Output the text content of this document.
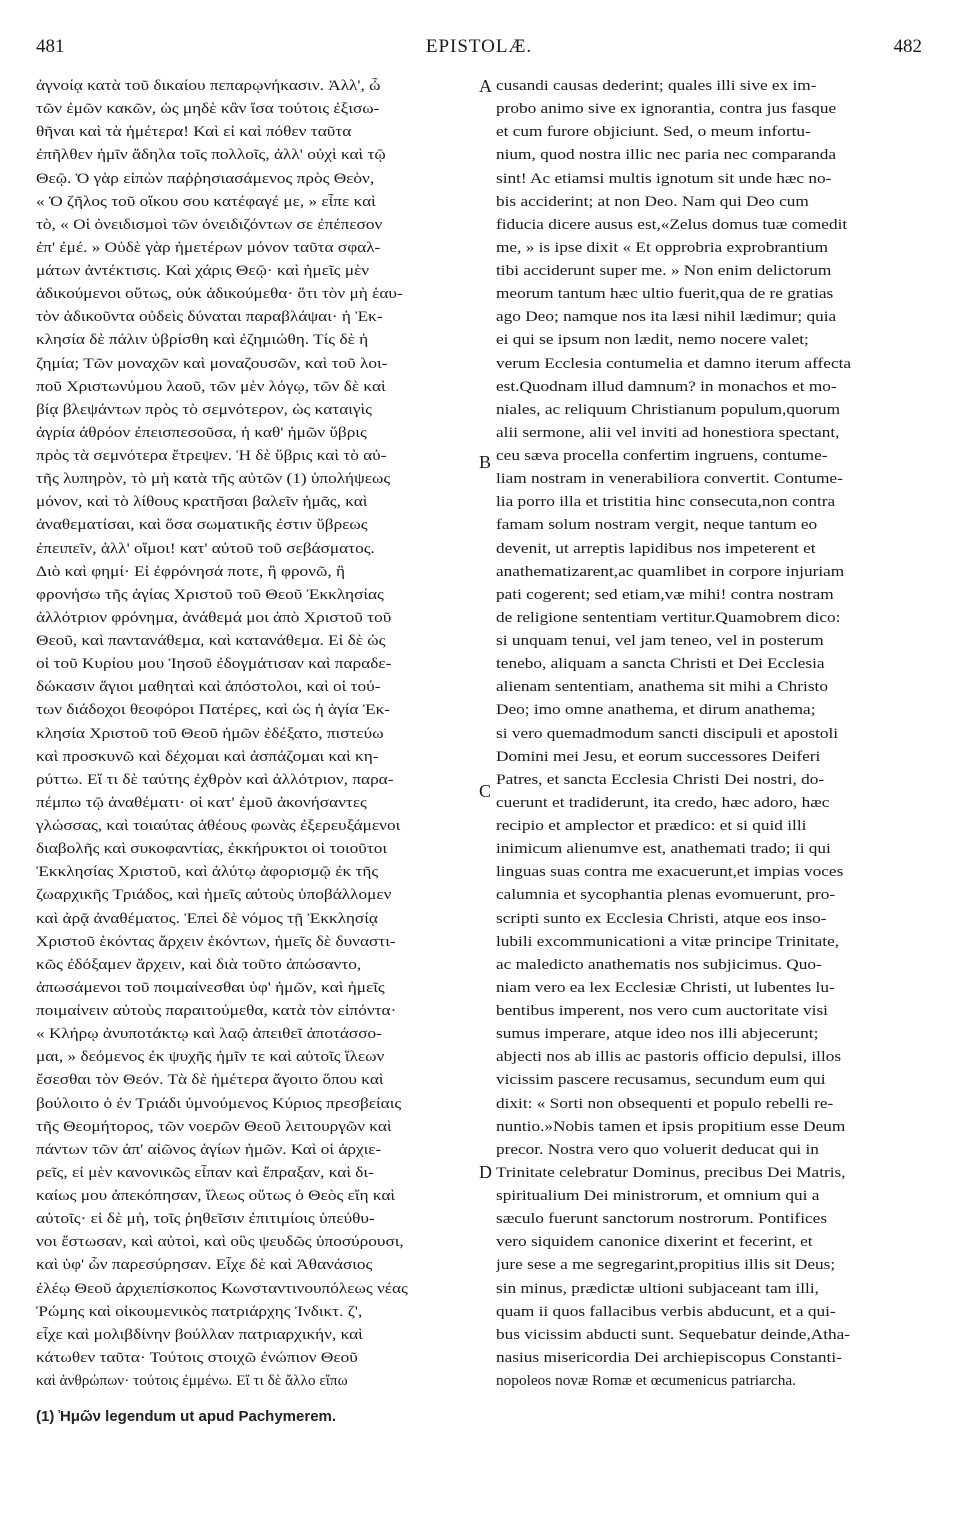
481	EPISTOLÆ.	482
ἀγνοίᾳ κατὰ τοῦ δικαίου πεπαρῳνήκασιν. Ἀλλ', ὦ
τῶν ἐμῶν κακῶν, ὡς μηδὲ κἂν ἴσα τούτοις ἐξισω-
θῆναι καὶ τὰ ἡμέτερα! Καὶ εἰ καὶ πόθεν ταῦτα
ἐπῆλθεν ἡμῖν ἄδηλα τοῖς πολλοῖς, ἀλλ' οὐχὶ καὶ τῷ
Θεῷ. Ὁ γὰρ εἰπὼν παῤῥησιασάμενος πρὸς Θεὸν,
« Ὁ ζῆλος τοῦ οἴκου σου κατέφαγέ με, » εἶπε καὶ
τὸ, « Οἱ ὀνειδισμοὶ τῶν ὀνειδιζόντων σε ἐπέπεσον
ἐπ' ἐμέ. » Οὐδὲ γὰρ ἡμετέρων μόνον ταῦτα σφαλ-
μάτων ἀντέκτισις. Καὶ χάρις Θεῷ· καὶ ἡμεῖς μὲν
ἀδικούμενοι οὕτως, οὐκ ἀδικούμεθα· ὅτι τὸν μὴ ἑαυ-
τὸν ἀδικοῦντα οὐδεὶς δύναται παραβλάψαι· ἡ Ἐκ-
κλησία δὲ πάλιν ὑβρίσθη καὶ ἐζημιώθη. Τίς δὲ ἡ
ζημία; Τῶν μοναχῶν καὶ μοναζουσῶν, καὶ τοῦ λοι-
ποῦ Χριστωνύμου λαοῦ, τῶν μὲν λόγῳ, τῶν δὲ καὶ
βίᾳ βλεψάντων πρὸς τὸ σεμνότερον, ὡς καταιγὶς
ἀγρία ἀθρόον ἐπεισπεσοῦσα, ἡ καθ' ἡμῶν ὕβρις
πρὸς τὰ σεμνότερα ἔτρεψεν. Ἡ δὲ ὕβρις καὶ τὸ αὐ-
τῆς λυπηρὸν, τὸ μὴ κατὰ τῆς αὐτῶν (1) ὑπολήψεως
μόνον, καὶ τὸ λίθους κρατῆσαι βαλεῖν ἡμᾶς, καὶ
ἀναθεματίσαι, καὶ ὅσα σωματικῆς ἐστιν ὕβρεως
ἐπειπεῖν, ἀλλ' οἴμοι! κατ' αὐτοῦ τοῦ σεβάσματος.
Διὸ καὶ φημί· Εἰ ἐφρόνησά ποτε, ἢ φρονῶ, ἢ
φρονήσω τῆς ἁγίας Χριστοῦ τοῦ Θεοῦ Ἐκκλησίας
ἀλλότριον φρόνημα, ἀνάθεμά μοι ἀπὸ Χριστοῦ τοῦ
Θεοῦ, καὶ παντανάθεμα, καὶ κατανάθεμα. Εἰ δὲ ὡς
οἱ τοῦ Κυρίου μου Ἰησοῦ ἐδογμάτισαν καὶ παραδε-
δώκασιν ἅγιοι μαθηταὶ καὶ ἀπόστολοι, καὶ οἱ τού-
των διάδοχοι θεοφόροι Πατέρες, καὶ ὡς ἡ ἁγία Ἐκ-
κλησία Χριστοῦ τοῦ Θεοῦ ἡμῶν ἐδέξατο, πιστεύω
καὶ προσκυνῶ καὶ δέχομαι καὶ ἀσπάζομαι καὶ κη-
ρύττω. Εἴ τι δὲ ταύτης ἐχθρὸν καὶ ἀλλότριον, παρα-
πέμπω τῷ ἀναθέματι· οἱ κατ' ἐμοῦ ἀκονήσαντες
γλώσσας, καὶ τοιαύτας ἀθέους φωνὰς ἐξερευξάμενοι
διαβολῆς καὶ συκοφαντίας, ἐκκήρυκτοι οἱ τοιοῦτοι
Ἐκκλησίας Χριστοῦ, καὶ ἀλύτῳ ἀφορισμῷ ἐκ τῆς
ζωαρχικῆς Τριάδος, καὶ ἡμεῖς αὐτοὺς ὑποβάλλομεν
καὶ ἀρᾷ ἀναθέματος. Ἐπεὶ δὲ νόμος τῇ Ἐκκλησίᾳ
Χριστοῦ ἑκόντας ἄρχειν ἑκόντων, ἡμεῖς δὲ δυναστι-
κῶς ἐδόξαμεν ἄρχειν, καὶ διὰ τοῦτο ἀπώσαντο,
ἀπωσάμενοι τοῦ ποιμαίνεσθαι ὑφ' ἡμῶν, καὶ ἡμεῖς
ποιμαίνειν αὐτοὺς παραιτούμεθα, κατὰ τὸν εἰπόντα·
« Κλήρῳ ἀνυποτάκτῳ καὶ λαῷ ἀπειθεῖ ἀποτάσσο-
μαι, » δεόμενος ἐκ ψυχῆς ἡμῖν τε καὶ αὐτοῖς ἵλεων
ἔσεσθαι τὸν Θεόν. Τὰ δὲ ἡμέτερα ἄγοιτο ὅπου καὶ
βούλοιτο ὁ ἐν Τριάδι ὑμνούμενος Κύριος πρεσβείαις
τῆς Θεομήτορος, τῶν νοερῶν Θεοῦ λειτουργῶν καὶ
πάντων τῶν ἀπ' αἰῶνος ἁγίων ἡμῶν. Καὶ οἱ ἀρχιε-
ρεῖς, εἰ μὲν κανονικῶς εἶπαν καὶ ἔπραξαν, καὶ δι-
καίως μου ἀπεκόπησαν, ἵλεως οὕτως ὁ Θεὸς εἴη καὶ
αὐτοῖς· εἰ δὲ μὴ, τοῖς ῥηθεῖσιν ἐπιτιμίοις ὑπεύθυ-
νοι ἔστωσαν, καὶ αὐτοὶ, καὶ οὓς ψευδῶς ὑποσύρουσι,
καὶ ὑφ' ὧν παρεσύρησαν. Εἶχε δὲ καὶ Ἀθανάσιος
ἐλέῳ Θεοῦ ἀρχιεπίσκοπος Κωνσταντινουπόλεως νέας
Ῥώμης καὶ οἰκουμενικὸς πατριάρχης Ἰνδικτ. ζ',
εἶχε καὶ μολιβδίνην βούλλαν πατριαρχικήν, καὶ
κάτωθεν ταῦτα· Τούτοις στοιχῶ ἐνώπιον Θεοῦ
καὶ ἀνθρώπων· τούτοις ἐμμένω. Εἴ τι δὲ ἄλλο εἴπω
cusandi causas dederint; quales illi sive ex im-
probo animo sive ex ignorantia, contra jus fasque
et cum furore objiciunt. Sed, o meum infortu-
nium, quod nostra illic nec paria nec comparanda
sint! Ac etiamsi multis ignotum sit unde hæc no-
bis acciderint; at non Deo. Nam qui Deo cum
fiducia dicere ausus est,«Zelus domus tuæ comedit
me, » is ipse dixit « Et opprobria exprobrantium
tibi acciderunt super me. » Non enim delictorum
meorum tantum hæc ultio fuerit,qua de re gratias
ago Deo; namque nos ita læsi nihil lædimur; quia
ei qui se ipsum non lædit, nemo nocere valet;
verum Ecclesia contumelia et damno iterum affecta
est.Quodnam illud damnum? in monachos et mo-
niales, ac reliquum Christianum populum,quorum
alii sermone, alii vel inviti ad honestiora spectant,
ceu sæva procella confertim ingruens, contume-
liam nostram in venerabiliora convertit. Contume-
lia porro illa et tristitia hinc consecuta,non contra
famam solum nostram vergit, neque tantum eo
devenit, ut arreptis lapidibus nos impeterent et
anathematizarent,ac quamlibet in corpore injuriam
pati cogerent; sed etiam,væ mihi! contra nostram
de religione sententiam vertitur.Quamobrem dico:
si unquam tenui, vel jam teneo, vel in posterum
tenebo, aliquam a sancta Christi et Dei Ecclesia
alienam sententiam, anathema sit mihi a Christo
Deo; imo omne anathema, et dirum anathema;
si vero quemadmodum sancti discipuli et apostoli
Domini mei Jesu, et eorum successores Deiferi
Patres, et sancta Ecclesia Christi Dei nostri, do-
cuerunt et tradiderunt, ita credo, hæc adoro, hæc
recipio et amplector et prædico: et si quid illi
inimicum alienumve est, anathemati trado; ii qui
linguas suas contra me exacuerunt,et impias voces
calumnia et sycophantia plenas evomuerunt, pro-
scripti sunto ex Ecclesia Christi, atque eos inso-
lubili excommunicationi a vitæ principe Trinitate,
ac maledicto anathematis nos subjicimus. Quo-
niam vero ea lex Ecclesiæ Christi, ut lubentes lu-
bentibus imperent, nos vero cum auctoritate visi
sumus imperare, atque ideo nos illi abjecerunt;
abjecti nos ab illis ac pastoris officio depulsi, illos
vicissim pascere recusamus, secundum eum qui
dixit: « Sorti non obsequenti et populo rebelli re-
nuntio.»Nobis tamen et ipsis propitium esse Deum
precor. Nostra vero quo voluerit deducat qui in
Trinitate celebratur Dominus, precibus Dei Matris,
spiritualium Dei ministrorum, et omnium qui a
sæculo fuerunt sanctorum nostrorum. Pontifices
vero siquidem canonice dixerint et fecerint, et
jure sese a me segregarint,propitius illis sit Deus;
sin minus, prædictæ ultioni subjaceant tam illi,
quam ii quos fallacibus verbis abducunt, et a qui-
bus vicissim abducti sunt. Sequebatur deinde,Atha-
nasius misericordia Dei archiepiscopus Constanti-
nopoleos novæ Romæ et œcumenicus patriarcha.
A
B
C
D
(1) Ἡμῶν legendum ut apud Pachymerem.
